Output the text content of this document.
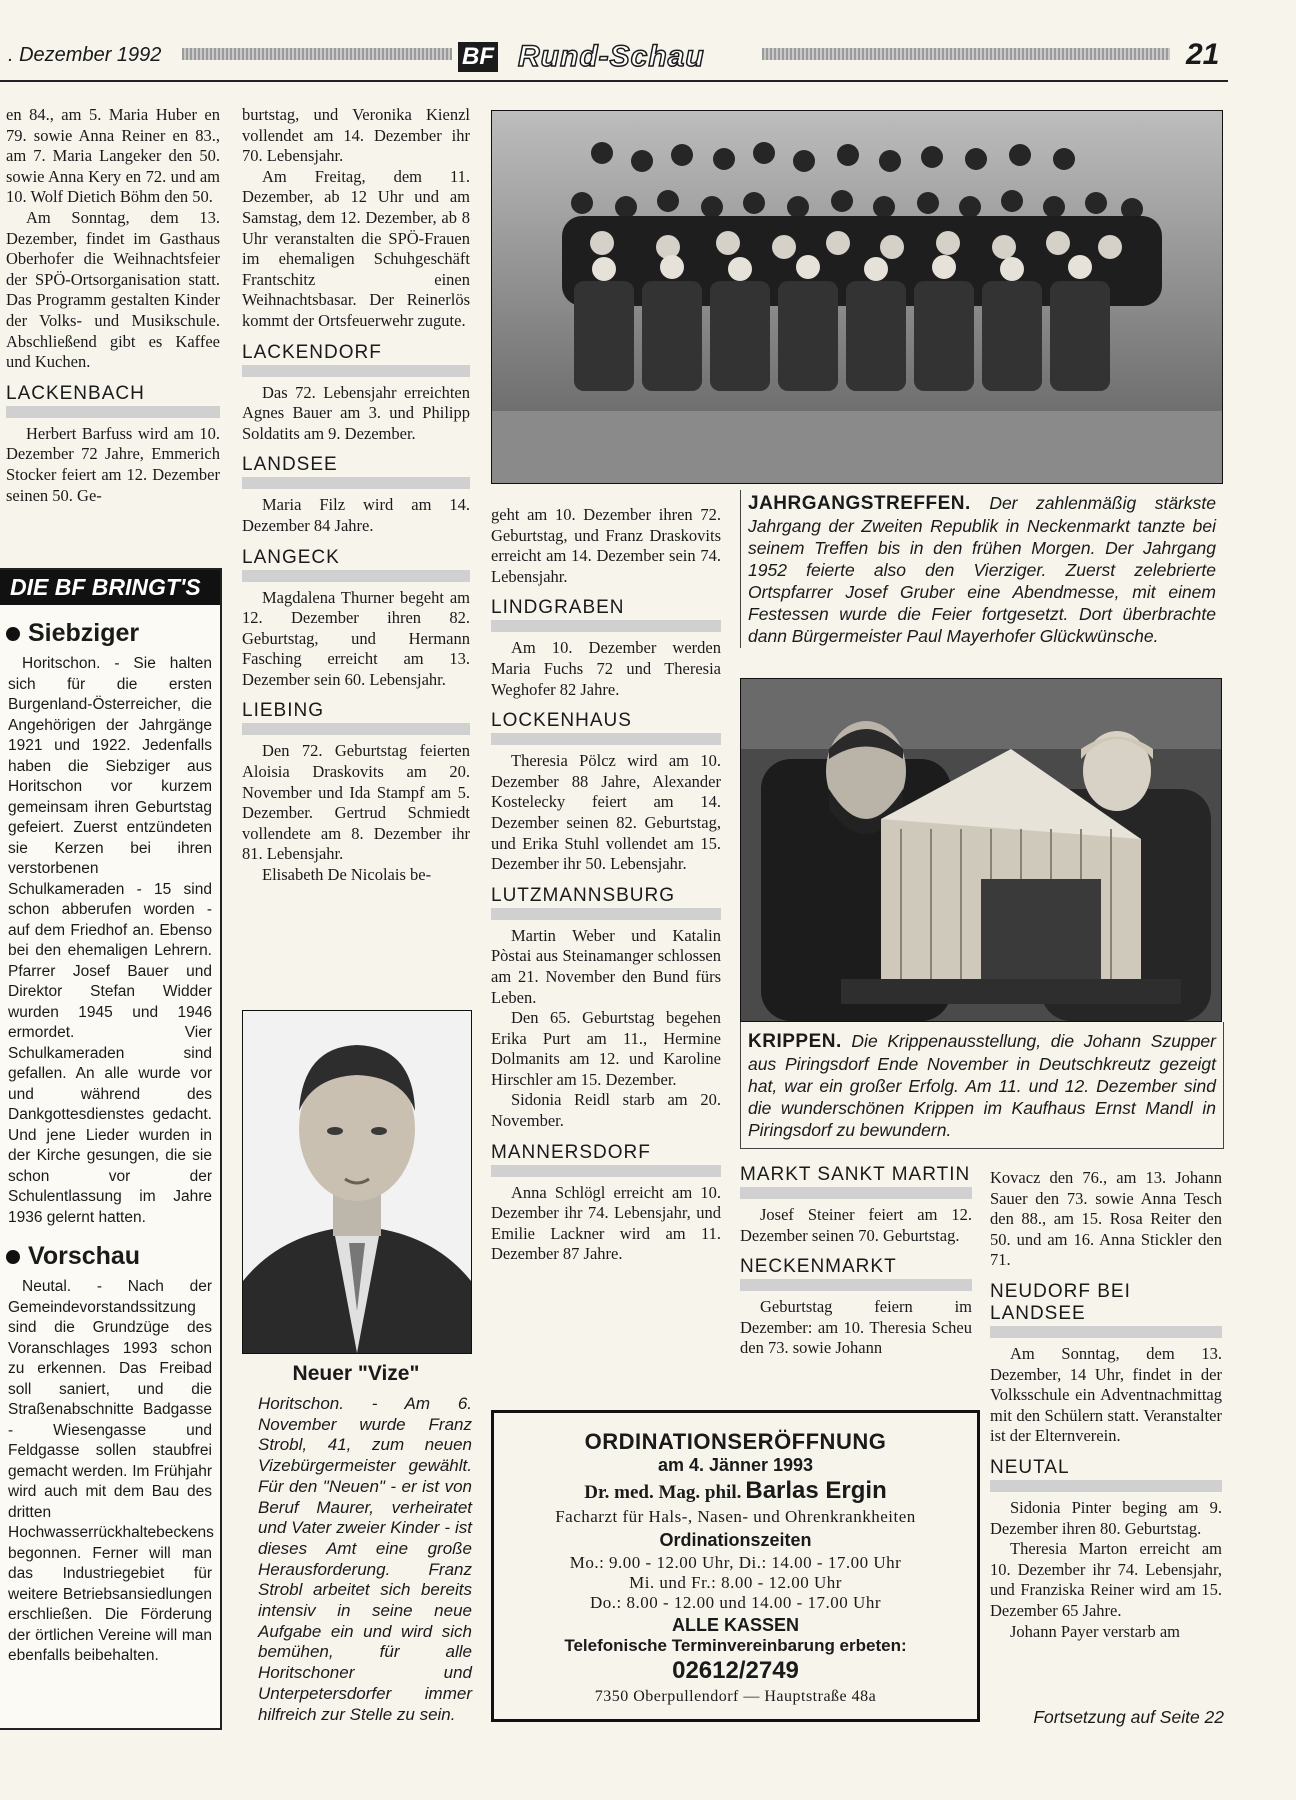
. Dezember 1992	BF Rund-Schau	21

en 84., am 5. Maria Huber en 79. sowie Anna Reiner en 83., am 7. Maria Langeker den 50. sowie Anna Kery en 72. und am 10. Wolf Dietich Böhm den 50.

Am Sonntag, dem 13. Dezember, findet im Gasthaus Oberhofer die Weihnachtsfeier der SPÖ-Ortsorganisation statt. Das Programm gestalten Kinder der Volks- und Musikschule. Abschließend gibt es Kaffee und Kuchen.

LACKENBACH

Herbert Barfuss wird am 10. Dezember 72 Jahre, Emmerich Stocker feiert am 12. Dezember seinen 50. Ge-

DIE BF BRINGT'S
Siebziger

Horitschon. - Sie halten sich für die ersten Burgenland-Österreicher, die Angehörigen der Jahrgänge 1921 und 1922. Jedenfalls haben die Siebziger aus Horitschon vor kurzem gemeinsam ihren Geburtstag gefeiert. Zuerst entzündeten sie Kerzen bei ihren verstorbenen Schulkameraden - 15 sind schon abberufen worden - auf dem Friedhof an. Ebenso bei den ehemaligen Lehrern. Pfarrer Josef Bauer und Direktor Stefan Widder wurden 1945 und 1946 ermordet. Vier Schulkameraden sind gefallen. An alle wurde vor und während des Dankgottesdienstes gedacht. Und jene Lieder wurden in der Kirche gesungen, die sie schon vor der Schulentlassung im Jahre 1936 gelernt hatten.

Vorschau

Neutal. - Nach der Gemeindevorstandssitzung sind die Grundzüge des Voranschlages 1993 schon zu erkennen. Das Freibad soll saniert, und die Straßenabschnitte Badgasse - Wiesengasse und Feldgasse sollen staubfrei gemacht werden. Im Frühjahr wird auch mit dem Bau des dritten Hochwasserrückhaltebeckens begonnen. Ferner will man das Industriegebiet für weitere Betriebsansiedlungen erschließen. Die Förderung der örtlichen Vereine will man ebenfalls beibehalten.

burtstag, und Veronika Kienzl vollendet am 14. Dezember ihr 70. Lebensjahr.

Am Freitag, dem 11. Dezember, ab 12 Uhr und am Samstag, dem 12. Dezember, ab 8 Uhr veranstalten die SPÖ-Frauen im ehemaligen Schuhgeschäft Frantschitz einen Weihnachtsbasar. Der Reinerlös kommt der Ortsfeuerwehr zugute.

LACKENDORF

Das 72. Lebensjahr erreichten Agnes Bauer am 3. und Philipp Soldatits am 9. Dezember.

LANDSEE

Maria Filz wird am 14. Dezember 84 Jahre.

LANGECK

Magdalena Thurner begeht am 12. Dezember ihren 82. Geburtstag, und Hermann Fasching erreicht am 13. Dezember sein 60. Lebensjahr.

LIEBING

Den 72. Geburtstag feierten Aloisia Draskovits am 20. November und Ida Stampf am 5. Dezember. Gertrud Schmiedt vollendete am 8. Dezember ihr 81. Lebensjahr.

Elisabeth De Nicolais be-

Neuer "Vize"
Horitschon. - Am 6. November wurde Franz Strobl, 41, zum neuen Vizebürgermeister gewählt. Für den "Neuen" - er ist von Beruf Maurer, verheiratet und Vater zweier Kinder - ist dieses Amt eine große Herausforderung. Franz Strobl arbeitet sich bereits intensiv in seine neue Aufgabe ein und wird sich bemühen, für alle Horitschoner und Unterpetersdorfer immer hilfreich zur Stelle zu sein.
JAHRGANGSTREFFEN. Der zahlenmäßig stärkste Jahrgang der Zweiten Republik in Neckenmarkt tanzte bei seinem Treffen bis in den frühen Morgen. Der Jahrgang 1952 feierte also den Vierziger. Zuerst zelebrierte Ortspfarrer Josef Gruber eine Abendmesse, mit einem Festessen wurde die Feier fortgesetzt. Dort überbrachte dann Bürgermeister Paul Mayerhofer Glückwünsche.

geht am 10. Dezember ihren 72. Geburtstag, und Franz Draskovits erreicht am 14. Dezember sein 74. Lebensjahr.

LINDGRABEN

Am 10. Dezember werden Maria Fuchs 72 und Theresia Weghofer 82 Jahre.

LOCKENHAUS

Theresia Pölcz wird am 10. Dezember 88 Jahre, Alexander Kostelecky feiert am 14. Dezember seinen 82. Geburtstag, und Erika Stuhl vollendet am 15. Dezember ihr 50. Lebensjahr.

LUTZMANNSBURG

Martin Weber und Katalin Pòstai aus Steinamanger schlossen am 21. November den Bund fürs Leben.

Den 65. Geburtstag begehen Erika Purt am 11., Hermine Dolmanits am 12. und Karoline Hirschler am 15. Dezember.

Sidonia Reidl starb am 20. November.

MANNERSDORF

Anna Schlögl erreicht am 10. Dezember ihr 74. Lebensjahr, und Emilie Lackner wird am 11. Dezember 87 Jahre.

KRIPPEN. Die Krippenausstellung, die Johann Szupper aus Piringsdorf Ende November in Deutschkreutz gezeigt hat, war ein großer Erfolg. Am 11. und 12. Dezember sind die wunderschönen Krippen im Kaufhaus Ernst Mandl in Piringsdorf zu bewundern.
MARKT SANKT MARTIN

Josef Steiner feiert am 12. Dezember seinen 70. Geburtstag.

NECKENMARKT

Geburtstag feiern im Dezember: am 10. Theresia Scheu den 73. sowie Johann

Kovacz den 76., am 13. Johann Sauer den 73. sowie Anna Tesch den 88., am 15. Rosa Reiter den 50. und am 16. Anna Stickler den 71.

NEUDORF BEI LANDSEE

Am Sonntag, dem 13. Dezember, 14 Uhr, findet in der Volksschule ein Adventnachmittag mit den Schülern statt. Veranstalter ist der Elternverein.

NEUTAL

Sidonia Pinter beging am 9. Dezember ihren 80. Geburtstag.

Theresia Marton erreicht am 10. Dezember ihr 74. Lebensjahr, und Franziska Reiner wird am 15. Dezember 65 Jahre.

Johann Payer verstarb am

Fortsetzung auf Seite 22
ORDINATIONSERÖFFNUNG
am 4. Jänner 1993
Dr. med. Mag. phil. Barlas Ergin
Facharzt für Hals-, Nasen- und Ohrenkrankheiten
Ordinationszeiten
Mo.: 9.00 - 12.00 Uhr, Di.: 14.00 - 17.00 Uhr
Mi. und Fr.: 8.00 - 12.00 Uhr
Do.: 8.00 - 12.00 und 14.00 - 17.00 Uhr
ALLE KASSEN
Telefonische Terminvereinbarung erbeten:
02612/2749
7350 Oberpullendorf — Hauptstraße 48a
